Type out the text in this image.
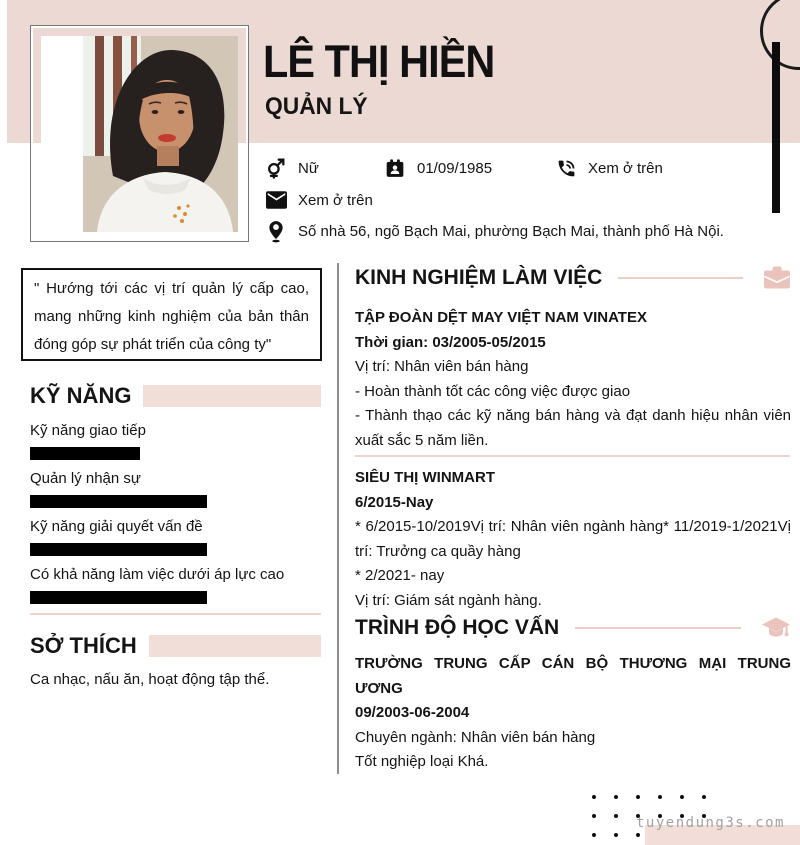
LÊ THỊ HIỀN
QUẢN LÝ
Nữ	01/09/1985	Xem ở trên
Xem ở trên
Số nhà 56, ngõ Bạch Mai, phường Bạch Mai, thành phố Hà Nội.
" Hướng tới các vị trí quản lý cấp cao, mang những kinh nghiệm của bản thân đóng góp sự phát triển của công ty"
KỸ NĂNG
Kỹ năng giao tiếp
Quản lý nhận sự
Kỹ năng giải quyết vấn đề
Có khả năng làm việc dưới áp lực cao
SỞ THÍCH
Ca nhạc, nấu ăn, hoạt động tập thể.
KINH NGHIỆM LÀM VIỆC

TẬP ĐOÀN DỆT MAY VIỆT NAM VINATEX

Thời gian: 03/2005-05/2015

Vị trí: Nhân viên bán hàng

- Hoàn thành tốt các công việc được giao

- Thành thạo các kỹ năng bán hàng và đạt danh hiệu nhân viên xuất sắc 5 năm liền.

SIÊU THỊ WINMART

6/2015-Nay

* 6/2015-10/2019Vị trí: Nhân viên ngành hàng* 11/2019-1/2021Vị trí: Trưởng ca quầy hàng

* 2/2021- nay

Vị trí: Giám sát ngành hàng.

TRÌNH ĐỘ HỌC VẤN

TRƯỜNG TRUNG CẤP CÁN BỘ THƯƠNG MẠI TRUNG ƯƠNG

09/2003-06-2004

Chuyên ngành: Nhân viên bán hàng

Tốt nghiệp loại Khá.

tuyendung3s.com
